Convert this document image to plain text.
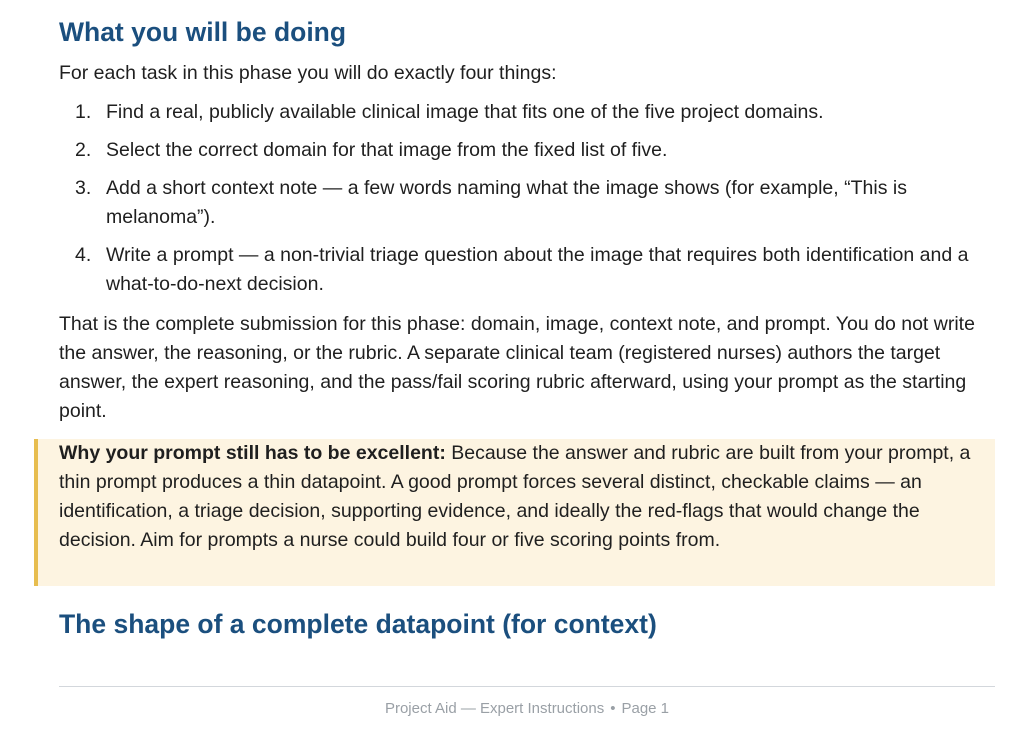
What you will be doing

For each task in this phase you will do exactly four things:

1. Find a real, publicly available clinical image that fits one of the five project domains.
2. Select the correct domain for that image from the fixed list of five.
3. Add a short context note — a few words naming what the image shows (for example, “This is melanoma”).
4. Write a prompt — a non-trivial triage question about the image that requires both identification and a what-to-do-next decision.

That is the complete submission for this phase: domain, image, context note, and prompt. You do not write the answer, the reasoning, or the rubric. A separate clinical team (registered nurses) authors the target answer, the expert reasoning, and the pass/fail scoring rubric afterward, using your prompt as the starting point.

Why your prompt still has to be excellent: Because the answer and rubric are built from your prompt, a thin prompt produces a thin datapoint. A good prompt forces several distinct, checkable claims — an identification, a triage decision, supporting evidence, and ideally the red-flags that would change the decision. Aim for prompts a nurse could build four or five scoring points from.

The shape of a complete datapoint (for context)
Project Aid — Expert Instructions • Page 1
